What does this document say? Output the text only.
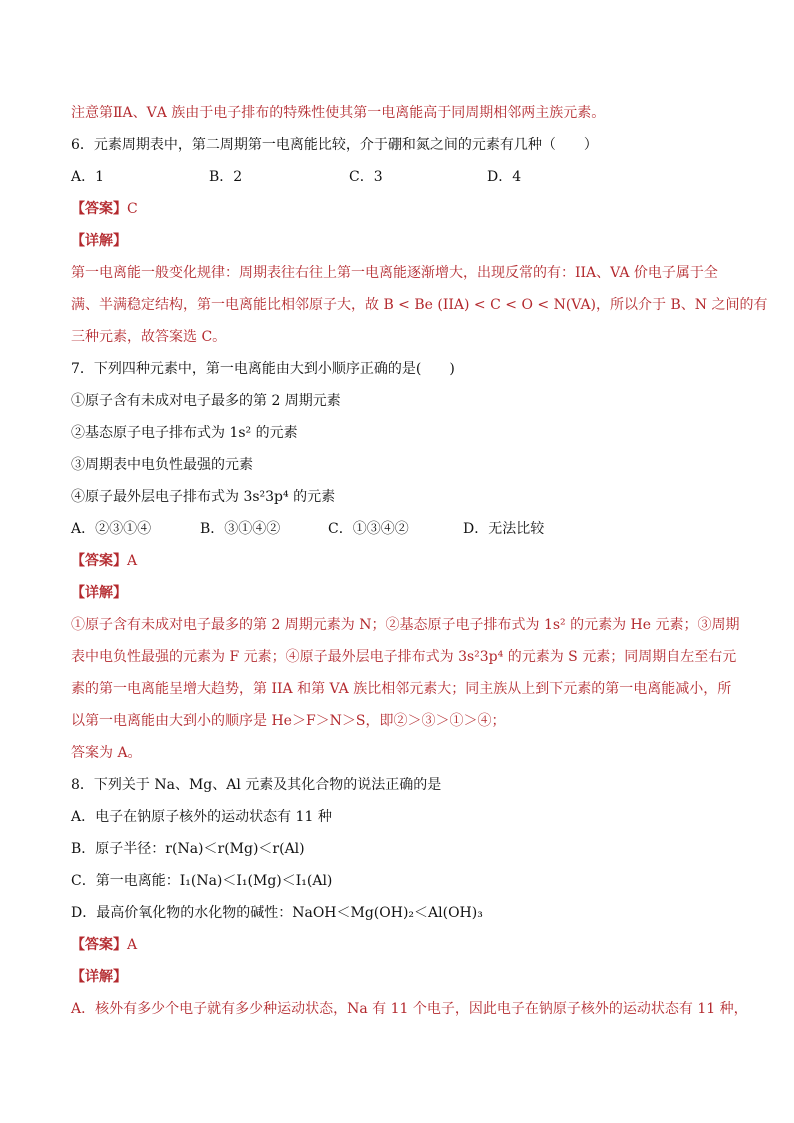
注意第ⅡA、ⅤA 族由于电子排布的特殊性使其第一电离能高于同周期相邻两主族元素。
6．元素周期表中，第二周期第一电离能比较，介于硼和氮之间的元素有几种（　　）
A．1	B．2	C．3	D．4
【答案】C
【详解】
第一电离能一般变化规律：周期表往右往上第一电离能逐渐增大，出现反常的有：IIA、VA 价电子属于全
满、半满稳定结构，第一电离能比相邻原子大，故 B < Be (IIA) < C < O < N(VA)，所以介于 B、N 之间的有
三种元素，故答案选 C。
7．下列四种元素中，第一电离能由大到小顺序正确的是(　　)
①原子含有未成对电子最多的第 2 周期元素
②基态原子电子排布式为 1s² 的元素
③周期表中电负性最强的元素
④原子最外层电子排布式为 3s²3p⁴ 的元素
A．②③①④	B．③①④②	C．①③④②	D．无法比较
【答案】A
【详解】
①原子含有未成对电子最多的第 2 周期元素为 N；②基态原子电子排布式为 1s² 的元素为 He 元素；③周期
表中电负性最强的元素为 F 元素；④原子最外层电子排布式为 3s²3p⁴ 的元素为 S 元素；同周期自左至右元
素的第一电离能呈增大趋势，第 IIA 和第 VA 族比相邻元素大；同主族从上到下元素的第一电离能减小，所
以第一电离能由大到小的顺序是 He＞F＞N＞S，即②＞③＞①＞④；
答案为 A。
8．下列关于 Na、Mg、Al 元素及其化合物的说法正确的是
A．电子在钠原子核外的运动状态有 11 种
B．原子半径：r(Na)＜r(Mg)＜r(Al)
C．第一电离能：I₁(Na)＜I₁(Mg)＜I₁(Al)
D．最高价氧化物的水化物的碱性：NaOH＜Mg(OH)₂＜Al(OH)₃
【答案】A
【详解】
A．核外有多少个电子就有多少种运动状态，Na 有 11 个电子，因此电子在钠原子核外的运动状态有 11 种，
